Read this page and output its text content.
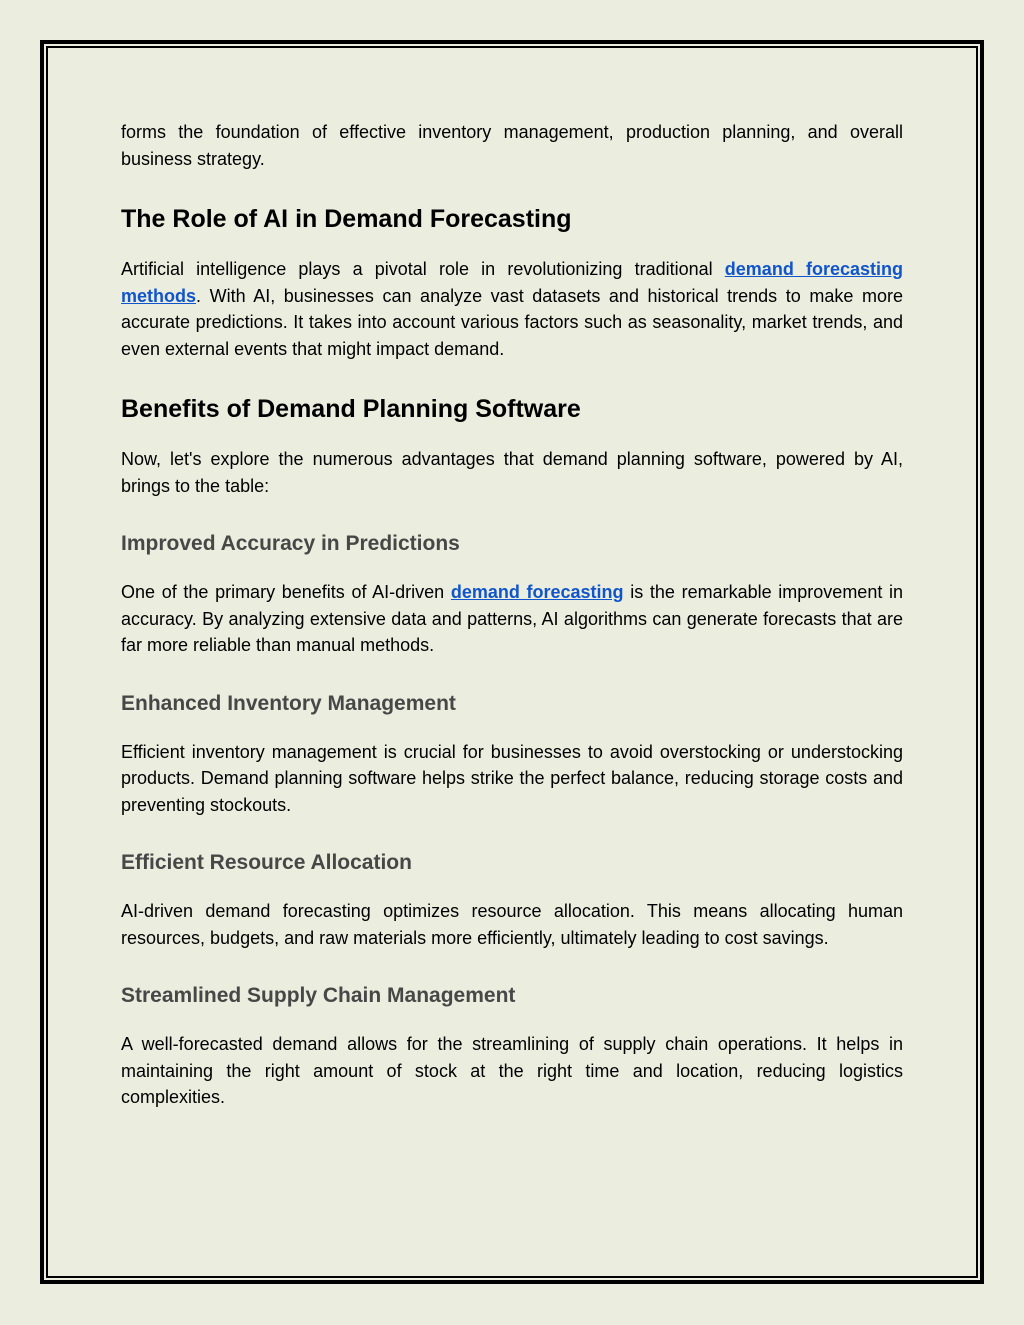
forms the foundation of effective inventory management, production planning, and overall business strategy.

The Role of AI in Demand Forecasting

Artificial intelligence plays a pivotal role in revolutionizing traditional demand forecasting methods. With AI, businesses can analyze vast datasets and historical trends to make more accurate predictions. It takes into account various factors such as seasonality, market trends, and even external events that might impact demand.

Benefits of Demand Planning Software

Now, let's explore the numerous advantages that demand planning software, powered by AI, brings to the table:

Improved Accuracy in Predictions

One of the primary benefits of AI-driven demand forecasting is the remarkable improvement in accuracy. By analyzing extensive data and patterns, AI algorithms can generate forecasts that are far more reliable than manual methods.

Enhanced Inventory Management

Efficient inventory management is crucial for businesses to avoid overstocking or understocking products. Demand planning software helps strike the perfect balance, reducing storage costs and preventing stockouts.

Efficient Resource Allocation

AI-driven demand forecasting optimizes resource allocation. This means allocating human resources, budgets, and raw materials more efficiently, ultimately leading to cost savings.

Streamlined Supply Chain Management

A well-forecasted demand allows for the streamlining of supply chain operations. It helps in maintaining the right amount of stock at the right time and location, reducing logistics complexities.
